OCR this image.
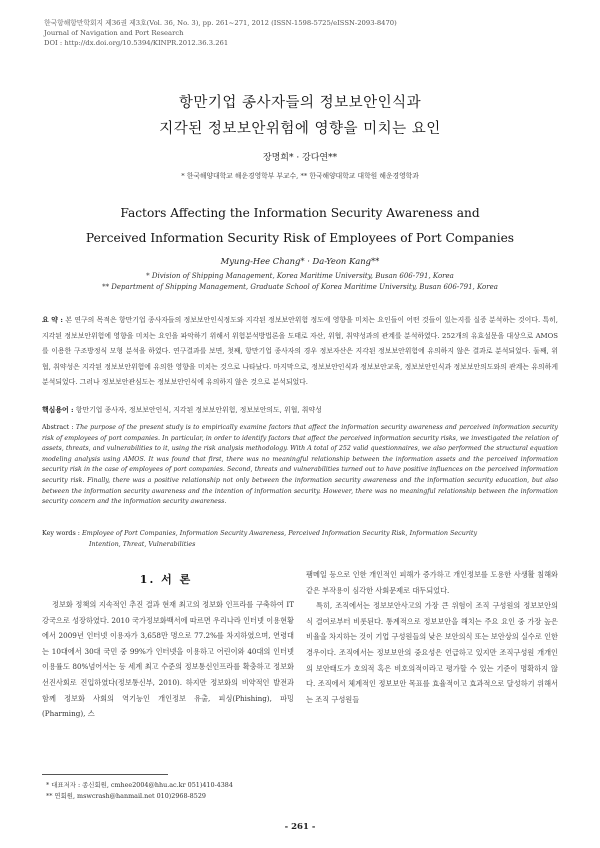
한국항해항만학회지 제36권 제3호(Vol. 36, No. 3), pp. 261~271, 2012 (ISSN-1598-5725/eISSN-2093-8470)
Journal of Navigation and Port Research
DOI : http://dx.doi.org/10.5394/KINPR.2012.36.3.261
항만기업 종사자들의 정보보안인식과
지각된 정보보안위험에 영향을 미치는 요인
장명희* · 강다연**
* 한국해양대학교 해운경영학부 부교수, ** 한국해양대학교 대학원 해운경영학과
Factors Affecting the Information Security Awareness and
Perceived Information Security Risk of Employees of Port Companies
Myung-Hee Chang* · Da-Yeon Kang**
* Division of Shipping Management, Korea Maritime University, Busan 606-791, Korea
** Department of Shipping Management, Graduate School of Korea Maritime University, Busan 606-791, Korea
요 약 : 본 연구의 목적은 항만기업 종사자들의 정보보안인식정도와 지각된 정보보안위험 정도에 영향을 미치는 요인들이 어떤 것들이 있는지를 실증 분석하는 것이다. 특히, 지각된 정보보안위험에 영향을 미치는 요인을 파악하기 위해서 위험분석방법론을 도태로 자산, 위협, 취약성과의 관계를 분석하였다. 252개의 유효설문을 대상으로 AMOS를 이용한 구조방정식 모형 분석을 하였다. 연구결과를 보면, 첫째, 항만기업 종사자의 경우 정보자산은 지각된 정보보안위험에 유의하지 않은 결과로 분석되었다. 둘째, 위협, 취약성은 지각된 정보보안위험에 유의한 영향을 미치는 것으로 나타났다. 마지막으로, 정보보안인식과 정보보안교육, 정보보안인식과 정보보안의도와의 관계는 유의하게 분석되었다. 그러나 정보보안관심도는 정보보안인식에 유의하지 않은 것으로 분석되었다.
핵심용어 : 항만기업 종사자, 정보보안인식, 지각된 정보보안위험, 정보보안의도, 위협, 취약성
Abstract : The purpose of the present study is to empirically examine factors that affect the information security awareness and perceived information security risk of employees of port companies. In particular, in order to identify factors that affect the perceived information security risks, we investigated the relation of assets, threats, and vulnerabilities to it, using the risk analysis methodology. With A total of 252 valid questionnaires, we also performed the structural equation modeling analysis using AMOS. It was found that first, there was no meaningful relationship between the information assets and the perceived information security risk in the case of employees of port companies. Second, threats and vulnerabilities turned out to have positive influences on the perceived information security risk. Finally, there was a positive relationship not only between the information security awareness and the information security education, but also between the information security awareness and the intention of information security. However, there was no meaningful relationship between the information security concern and the information security awareness.
Key words : Employee of Port Companies, Information Security Awareness, Perceived Information Security Risk, Information Security
Intention, Threat, Vulnerabilities
1. 서 론

정보화 정책의 지속적인 추진 결과 현재 최고의 정보화 인프라를 구축하여 IT강국으로 성장하였다. 2010 국가정보화백서에 따르면 우리나라 인터넷 이용현황에서 2009년 인터넷 이용자가 3,658만 명으로 77.2%를 차지하였으며, 연령대는 10대에서 30대 국민 중 99%가 인터넷을 이용하고 어린이와 40대의 인터넷 이용률도 80%넘어서는 등 세계 최고 수준의 정보통신인프라를 확충하고 정보화 선진사회로 진입하였다(정보통신부, 2010). 하지만 정보화의 비약적인 발전과 함께 정보화 사회의 역기능인 개인정보 유출, 피싱(Phishing), 파밍(Pharming), 스

팸메일 등으로 인한 개인적인 피해가 증가하고 개인정보를 도용한 사생활 침해와 같은 부작용이 심각한 사회문제로 대두되었다.

특히, 조직에서는 정보보안사고의 가장 큰 위험이 조직 구성원의 정보보안의식 결여로부터 비롯된다. 통계적으로 정보보안을 해치는 주요 요인 중 가장 높은 비율을 차지하는 것이 기업 구성원들의 낮은 보안의식 또는 보안상의 실수로 인한 경우이다. 조직에서는 정보보안의 중요성은 언급하고 있지만 조직구성원 개개인의 보안태도가 호의적 혹은 비호의적이라고 평가할 수 있는 기준이 명확하지 않다. 조직에서 체계적인 정보보안 목표를 효율적이고 효과적으로 달성하기 위해서는 조직 구성원들

* 대표저자 : 종신회원, cmhee2004@hhu.ac.kr 051)410-4384
** 연회원, mswcrash@hanmail.net 010)2968-8529
- 261 -
